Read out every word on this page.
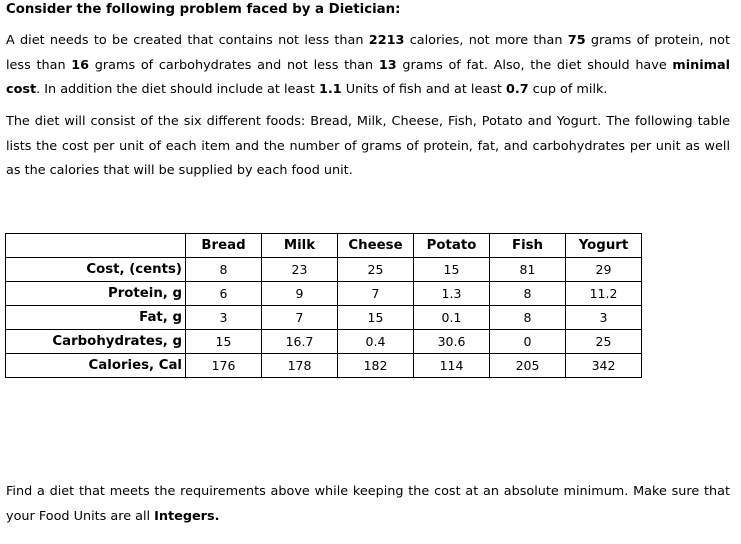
Consider the following problem faced by a Dietician:

A diet needs to be created that contains not less than 2213 calories, not more than 75 grams of protein, not less than 16 grams of carbohydrates and not less than 13 grams of fat. Also, the diet should have minimal cost. In addition the diet should include at least 1.1 Units of fish and at least 0.7 cup of milk.

The diet will consist of the six different foods: Bread, Milk, Cheese, Fish, Potato and Yogurt. The following table lists the cost per unit of each item and the number of grams of protein, fat, and carbohydrates per unit as well as the calories that will be supplied by each food unit.

	Bread	Milk	Cheese	Potato	Fish	Yogurt
Cost, (cents)	8	23	25	15	81	29
Protein, g	6	9	7	1.3	8	11.2
Fat, g	3	7	15	0.1	8	3
Carbohydrates, g	15	16.7	0.4	30.6	0	25
Calories, Cal	176	178	182	114	205	342

Find a diet that meets the requirements above while keeping the cost at an absolute minimum. Make sure that your Food Units are all Integers.
